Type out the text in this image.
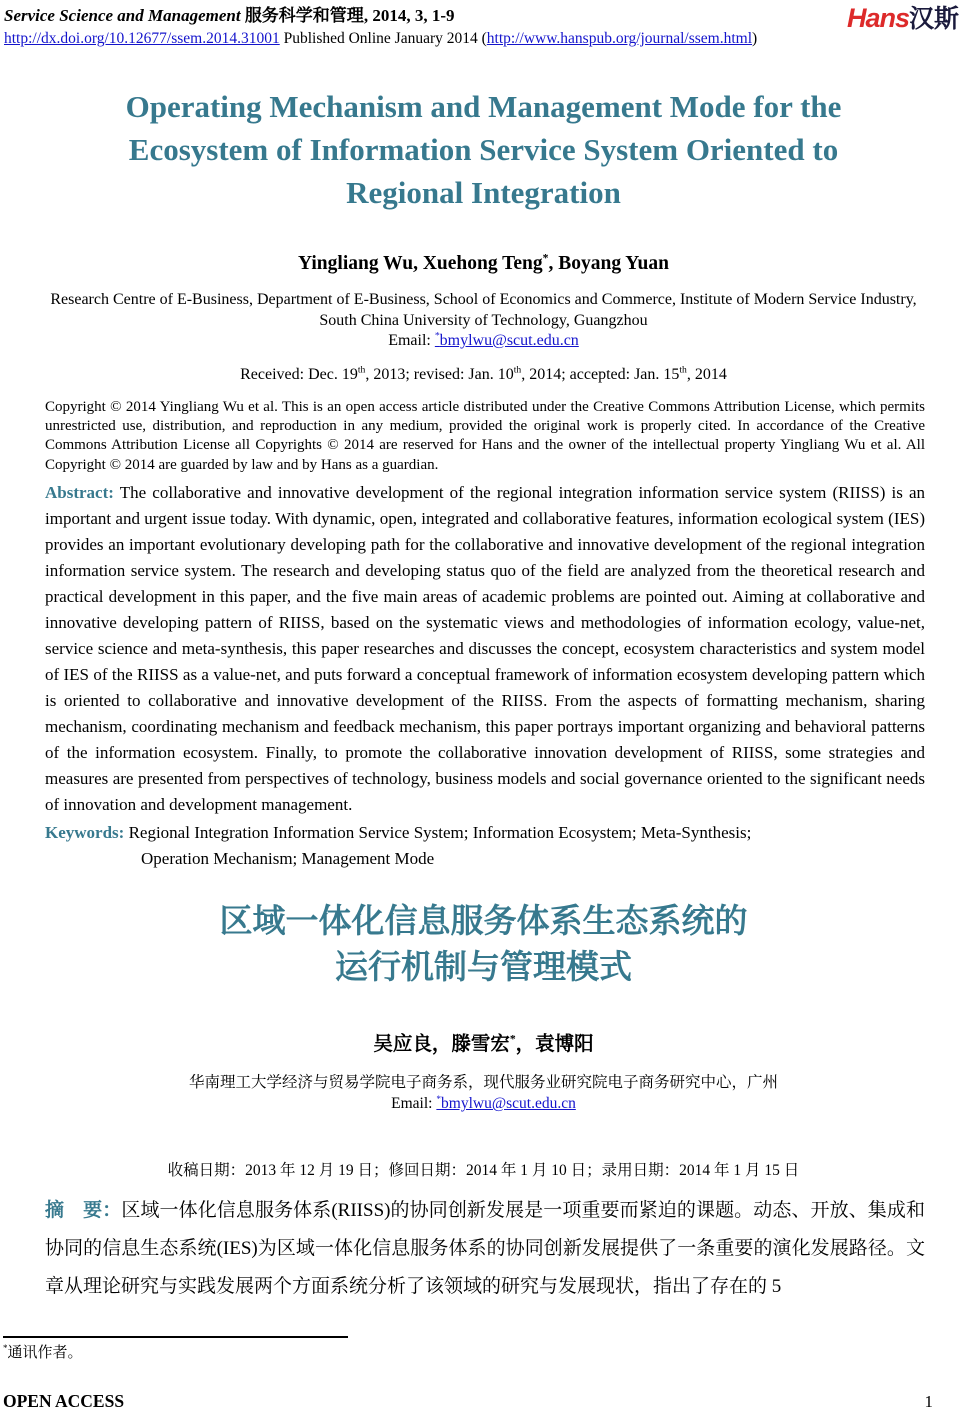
Service Science and Management 服务科学和管理, 2014, 3, 1-9
http://dx.doi.org/10.12677/ssem.2014.31001 Published Online January 2014 (http://www.hanspub.org/journal/ssem.html)
Hans汉斯
Operating Mechanism and Management Mode for the
Ecosystem of Information Service System Oriented to
Regional Integration
Yingliang Wu, Xuehong Teng*, Boyang Yuan
Research Centre of E-Business, Department of E-Business, School of Economics and Commerce, Institute of Modern Service Industry,
South China University of Technology, Guangzhou
Email: *bmylwu@scut.edu.cn
Received: Dec. 19th, 2013; revised: Jan. 10th, 2014; accepted: Jan. 15th, 2014

Copyright © 2014 Yingliang Wu et al. This is an open access article distributed under the Creative Commons Attribution License, which permits unrestricted use, distribution, and reproduction in any medium, provided the original work is properly cited. In accordance of the Creative Commons Attribution License all Copyrights © 2014 are reserved for Hans and the owner of the intellectual property Yingliang Wu et al. All Copyright © 2014 are guarded by law and by Hans as a guardian.

Abstract: The collaborative and innovative development of the regional integration information service system (RIISS) is an important and urgent issue today. With dynamic, open, integrated and collaborative features, information ecological system (IES) provides an important evolutionary developing path for the collaborative and innovative development of the regional integration information service system. The research and developing status quo of the field are analyzed from the theoretical research and practical development in this paper, and the five main areas of academic problems are pointed out. Aiming at collaborative and innovative developing pattern of RIISS, based on the systematic views and methodologies of information ecology, value-net, service science and meta-synthesis, this paper researches and discusses the concept, ecosystem characteristics and system model of IES of the RIISS as a value-net, and puts forward a conceptual framework of information ecosystem developing pattern which is oriented to collaborative and innovative development of the RIISS. From the aspects of formatting mechanism, sharing mechanism, coordinating mechanism and feedback mechanism, this paper portrays important organizing and behavioral patterns of the information ecosystem. Finally, to promote the collaborative innovation development of RIISS, some strategies and measures are presented from perspectives of technology, business models and social governance oriented to the significant needs of innovation and development management.

Keywords: Regional Integration Information Service System; Information Ecosystem; Meta-Synthesis;
Operation Mechanism; Management Mode

区域一体化信息服务体系生态系统的
运行机制与管理模式
吴应良，滕雪宏*，袁博阳
华南理工大学经济与贸易学院电子商务系，现代服务业研究院电子商务研究中心，广州
Email: *bmylwu@scut.edu.cn
收稿日期：2013 年 12 月 19 日；修回日期：2014 年 1 月 10 日；录用日期：2014 年 1 月 15 日

摘　要：区域一体化信息服务体系(RIISS)的协同创新发展是一项重要而紧迫的课题。动态、开放、集成和协同的信息生态系统(IES)为区域一体化信息服务体系的协同创新发展提供了一条重要的演化发展路径。文章从理论研究与实践发展两个方面系统分析了该领域的研究与发展现状，指出了存在的 5

*通讯作者。
OPEN ACCESS	1
